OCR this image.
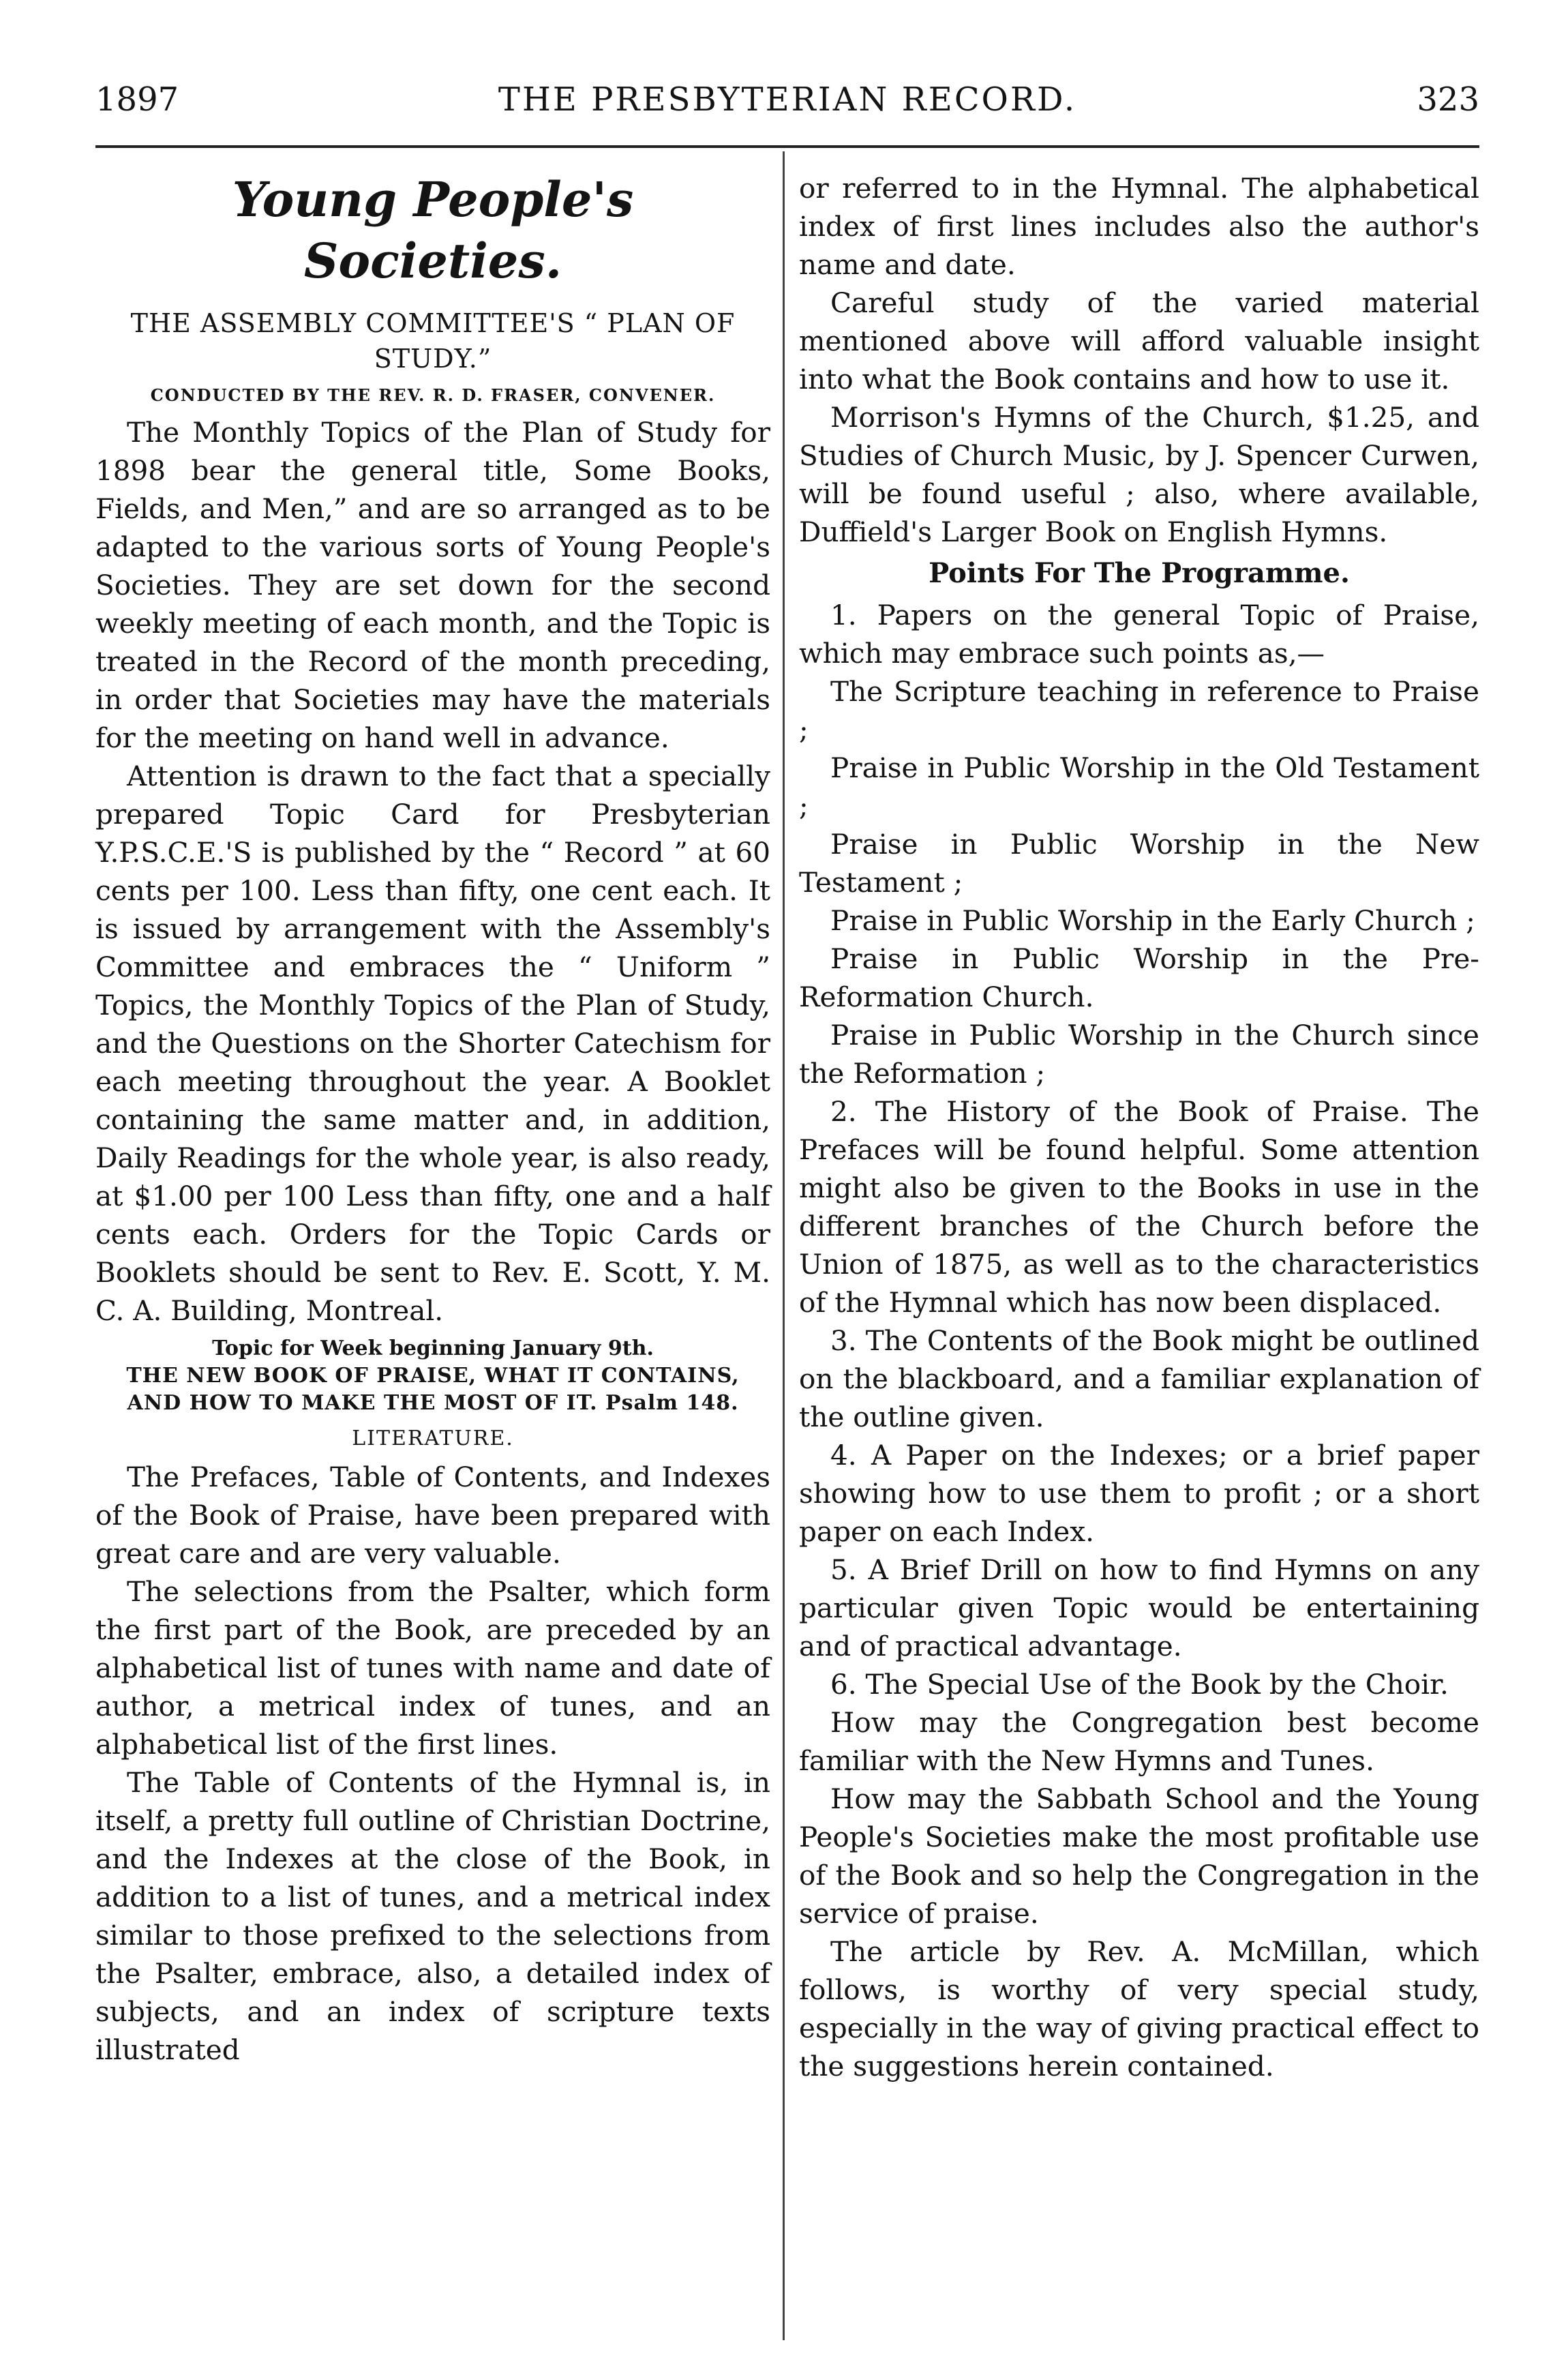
1897	THE PRESBYTERIAN RECORD.	323
Young People's Societies.
THE ASSEMBLY COMMITTEE'S “ PLAN OF STUDY.”
CONDUCTED BY THE REV. R. D. FRASER, CONVENER.

The Monthly Topics of the Plan of Study for 1898 bear the general title, Some Books, Fields, and Men,” and are so arranged as to be adapted to the various sorts of Young People's Societies. They are set down for the second weekly meeting of each month, and the Topic is treated in the Record of the month preceding, in order that Societies may have the materials for the meeting on hand well in advance.

Attention is drawn to the fact that a specially prepared Topic Card for Presbyterian Y.P.S.C.E.'S is published by the “ Record ” at 60 cents per 100. Less than fifty, one cent each. It is issued by arrangement with the Assembly's Committee and embraces the “ Uniform ” Topics, the Monthly Topics of the Plan of Study, and the Questions on the Shorter Catechism for each meeting throughout the year. A Booklet containing the same matter and, in addition, Daily Readings for the whole year, is also ready, at $1.00 per 100 Less than fifty, one and a half cents each. Orders for the Topic Cards or Booklets should be sent to Rev. E. Scott, Y. M. C. A. Building, Montreal.

Topic for Week beginning January 9th.
THE NEW BOOK OF PRAISE, WHAT IT CONTAINS, AND HOW TO MAKE THE MOST OF IT. Psalm 148.
LITERATURE.

The Prefaces, Table of Contents, and Indexes of the Book of Praise, have been prepared with great care and are very valuable.

The selections from the Psalter, which form the first part of the Book, are preceded by an alphabetical list of tunes with name and date of author, a metrical index of tunes, and an alphabetical list of the first lines.

The Table of Contents of the Hymnal is, in itself, a pretty full outline of Christian Doctrine, and the Indexes at the close of the Book, in addition to a list of tunes, and a metrical index similar to those prefixed to the selections from the Psalter, embrace, also, a detailed index of subjects, and an index of scripture texts illustrated

or referred to in the Hymnal. The alphabetical index of first lines includes also the author's name and date.

Careful study of the varied material mentioned above will afford valuable insight into what the Book contains and how to use it.

Morrison's Hymns of the Church, $1.25, and Studies of Church Music, by J. Spencer Curwen, will be found useful ; also, where available, Duffield's Larger Book on English Hymns.

Points For The Programme.

1. Papers on the general Topic of Praise, which may embrace such points as,—

The Scripture teaching in reference to Praise ;

Praise in Public Worship in the Old Testament ;

Praise in Public Worship in the New Testament ;

Praise in Public Worship in the Early Church ;

Praise in Public Worship in the Pre-Reformation Church.

Praise in Public Worship in the Church since the Reformation ;

2. The History of the Book of Praise. The Prefaces will be found helpful. Some attention might also be given to the Books in use in the different branches of the Church before the Union of 1875, as well as to the characteristics of the Hymnal which has now been displaced.

3. The Contents of the Book might be outlined on the blackboard, and a familiar explanation of the outline given.

4. A Paper on the Indexes; or a brief paper showing how to use them to profit ; or a short paper on each Index.

5. A Brief Drill on how to find Hymns on any particular given Topic would be entertaining and of practical advantage.

6. The Special Use of the Book by the Choir.

How may the Congregation best become familiar with the New Hymns and Tunes.

How may the Sabbath School and the Young People's Societies make the most profitable use of the Book and so help the Congregation in the service of praise.

The article by Rev. A. McMillan, which follows, is worthy of very special study, especially in the way of giving practical effect to the suggestions herein contained.
